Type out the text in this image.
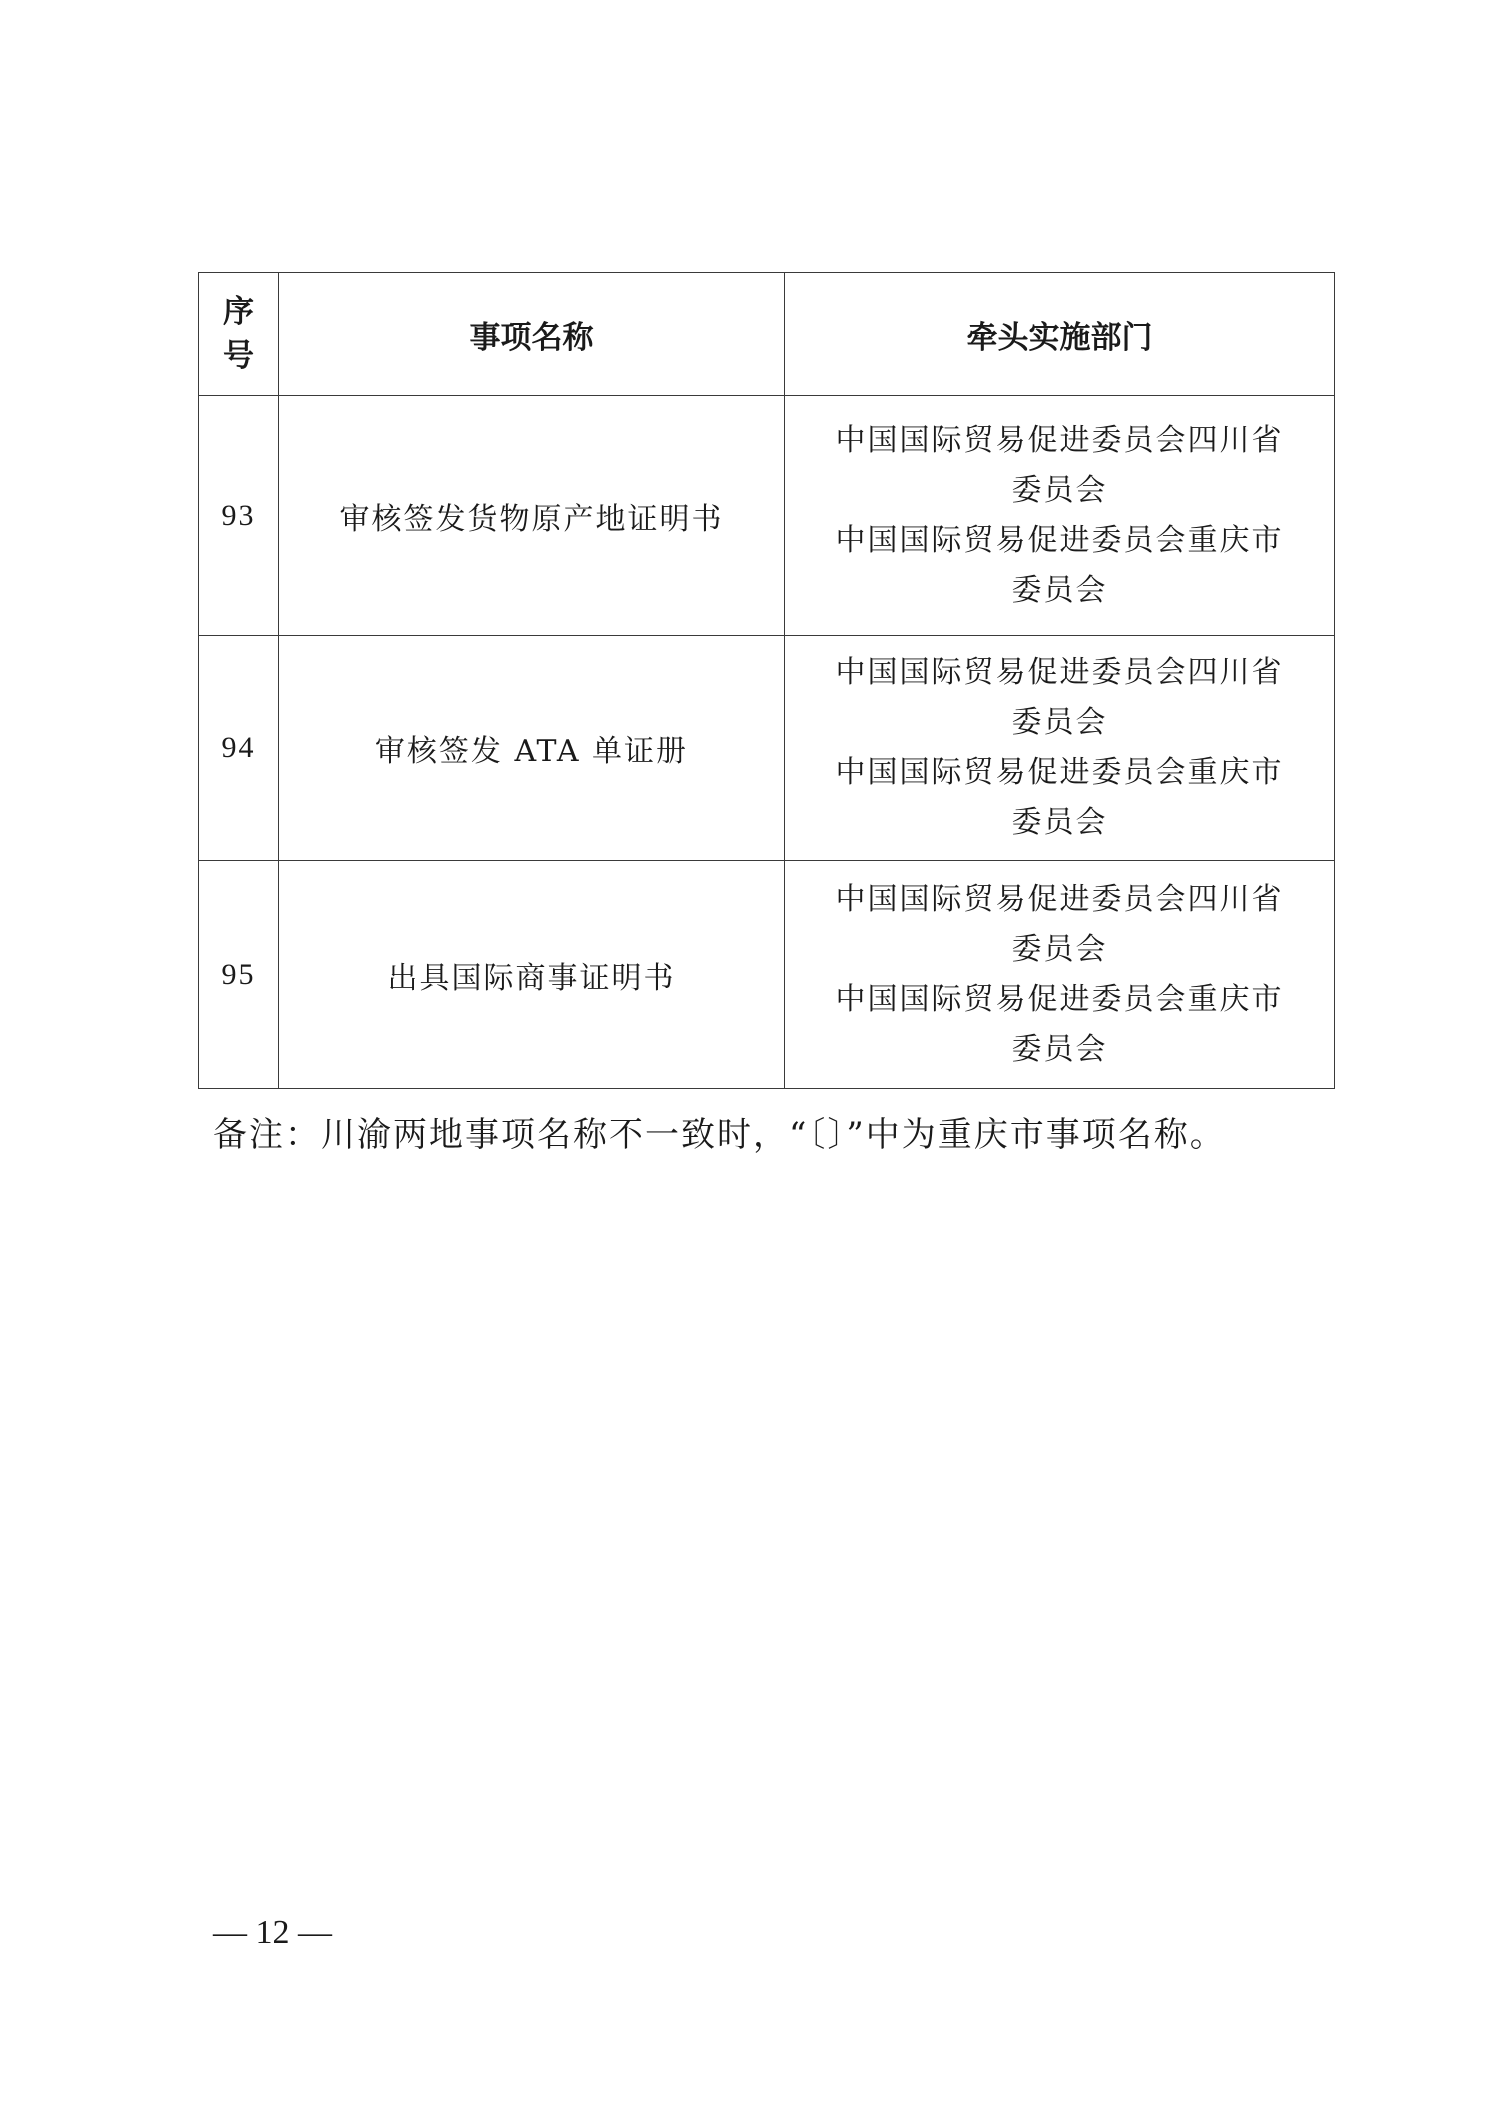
序
号	事项名称	牵头实施部门
93	审核签发货物原产地证明书	中国国际贸易促进委员会四川省
委员会
中国国际贸易促进委员会重庆市
委员会

94	审核签发 ATA 单证册	中国国际贸易促进委员会四川省
委员会
中国国际贸易促进委员会重庆市
委员会

95	出具国际商事证明书	中国国际贸易促进委员会四川省
委员会
中国国际贸易促进委员会重庆市
委员会
备注：川渝两地事项名称不一致时，“〔〕”中为重庆市事项名称。
— 12 —
